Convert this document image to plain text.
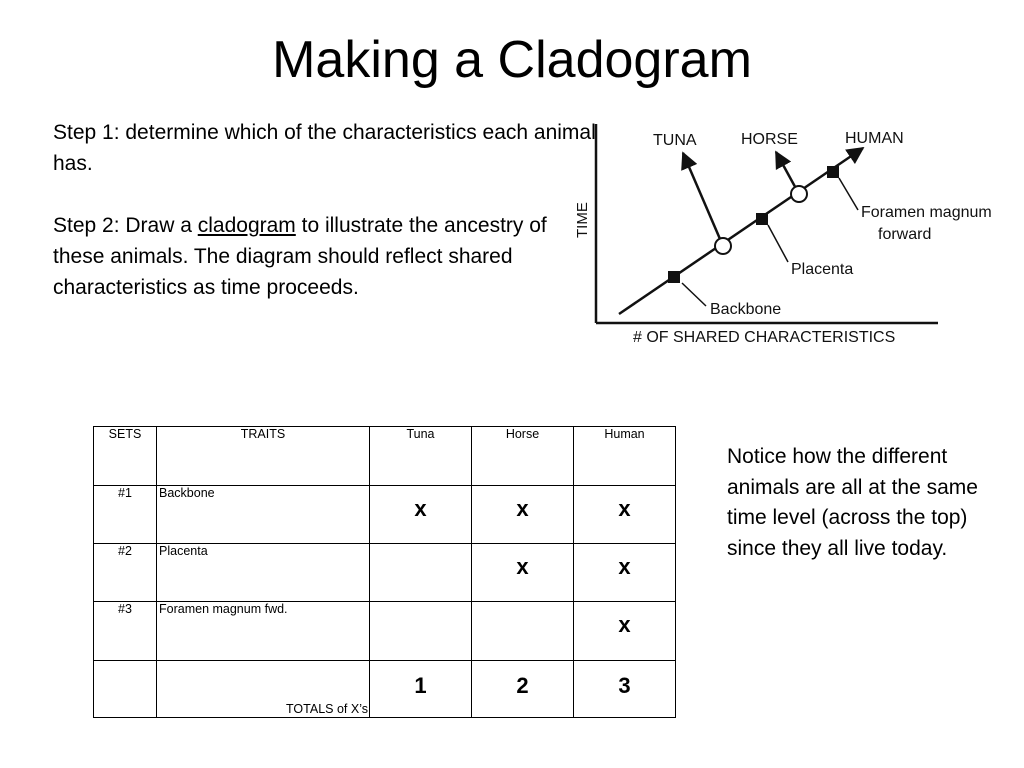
Making a Cladogram

Step 1: determine which of the characteristics each animal has.

Step 2: Draw a cladogram to illustrate the ancestry of these animals. The diagram should reflect shared characteristics as time proceeds.

TIME
# OF SHARED CHARACTERISTICS
TUNA	HORSE	HUMAN
Backbone
Placenta
Foramen magnum
forward
SETS	TRAITS	Tuna	Horse	Human
#1	Backbone	x	x	x

#2	Placenta		x	x

#3	Foramen magnum fwd.			x

	TOTALS of X’s	1	2	3
Notice how the different animals are all at the same time level (across the top) since they all live today.
